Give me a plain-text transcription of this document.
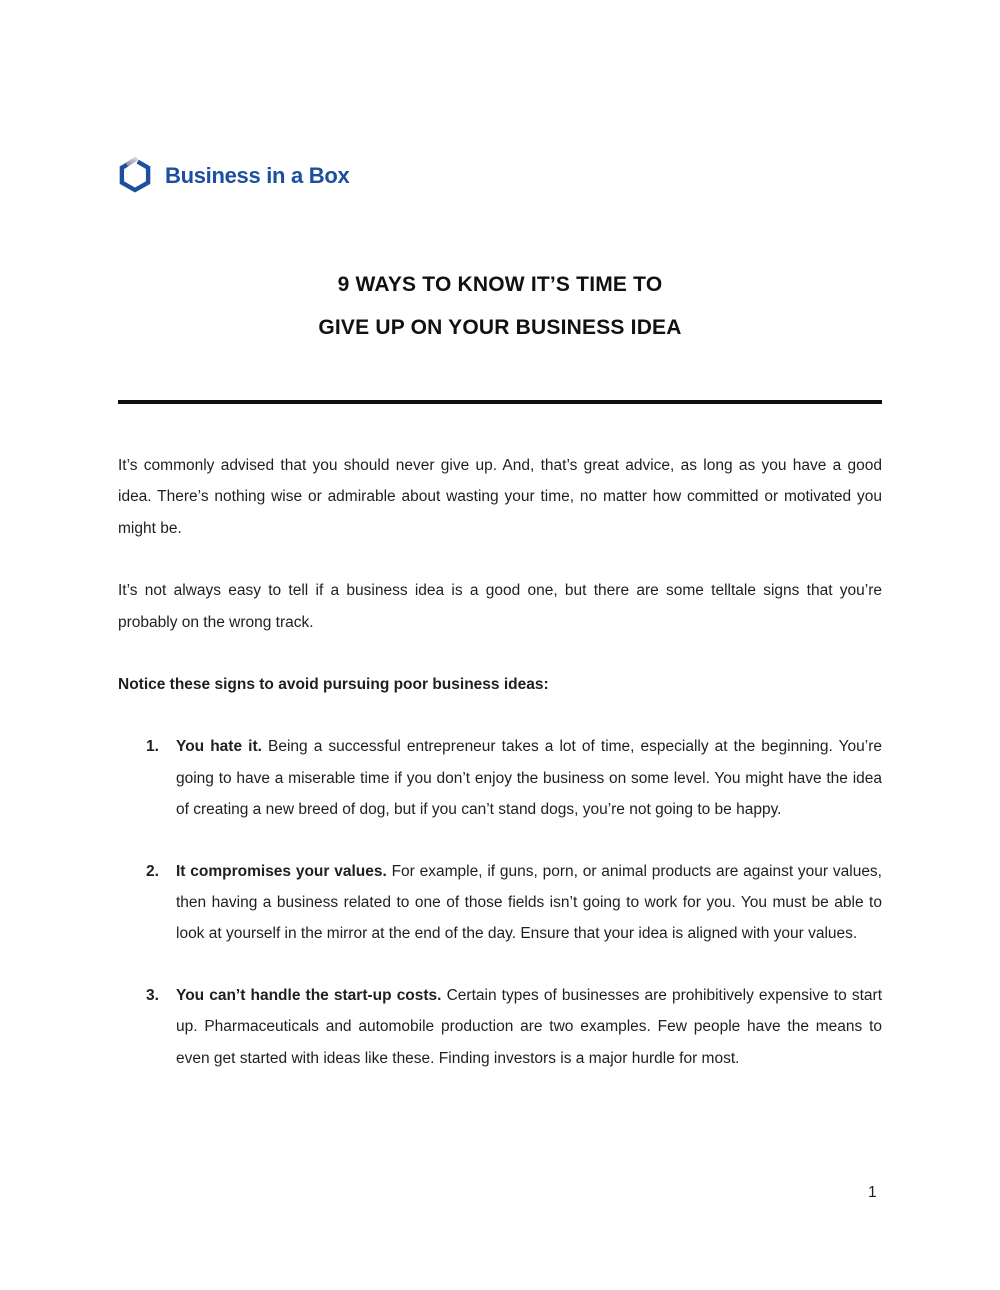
Business in a Box
9 WAYS TO KNOW IT’S TIME TO
GIVE UP ON YOUR BUSINESS IDEA

It’s commonly advised that you should never give up. And, that’s great advice, as long as you have a good idea. There’s nothing wise or admirable about wasting your time, no matter how committed or motivated you might be.

It’s not always easy to tell if a business idea is a good one, but there are some telltale signs that you’re probably on the wrong track.

Notice these signs to avoid pursuing poor business ideas:

1. You hate it. Being a successful entrepreneur takes a lot of time, especially at the beginning. You’re going to have a miserable time if you don’t enjoy the business on some level. You might have the idea of creating a new breed of dog, but if you can’t stand dogs, you’re not going to be happy.
2. It compromises your values. For example, if guns, porn, or animal products are against your values, then having a business related to one of those fields isn’t going to work for you. You must be able to look at yourself in the mirror at the end of the day. Ensure that your idea is aligned with your values.
3. You can’t handle the start-up costs. Certain types of businesses are prohibitively expensive to start up. Pharmaceuticals and automobile production are two examples. Few people have the means to even get started with ideas like these. Finding investors is a major hurdle for most.
1
